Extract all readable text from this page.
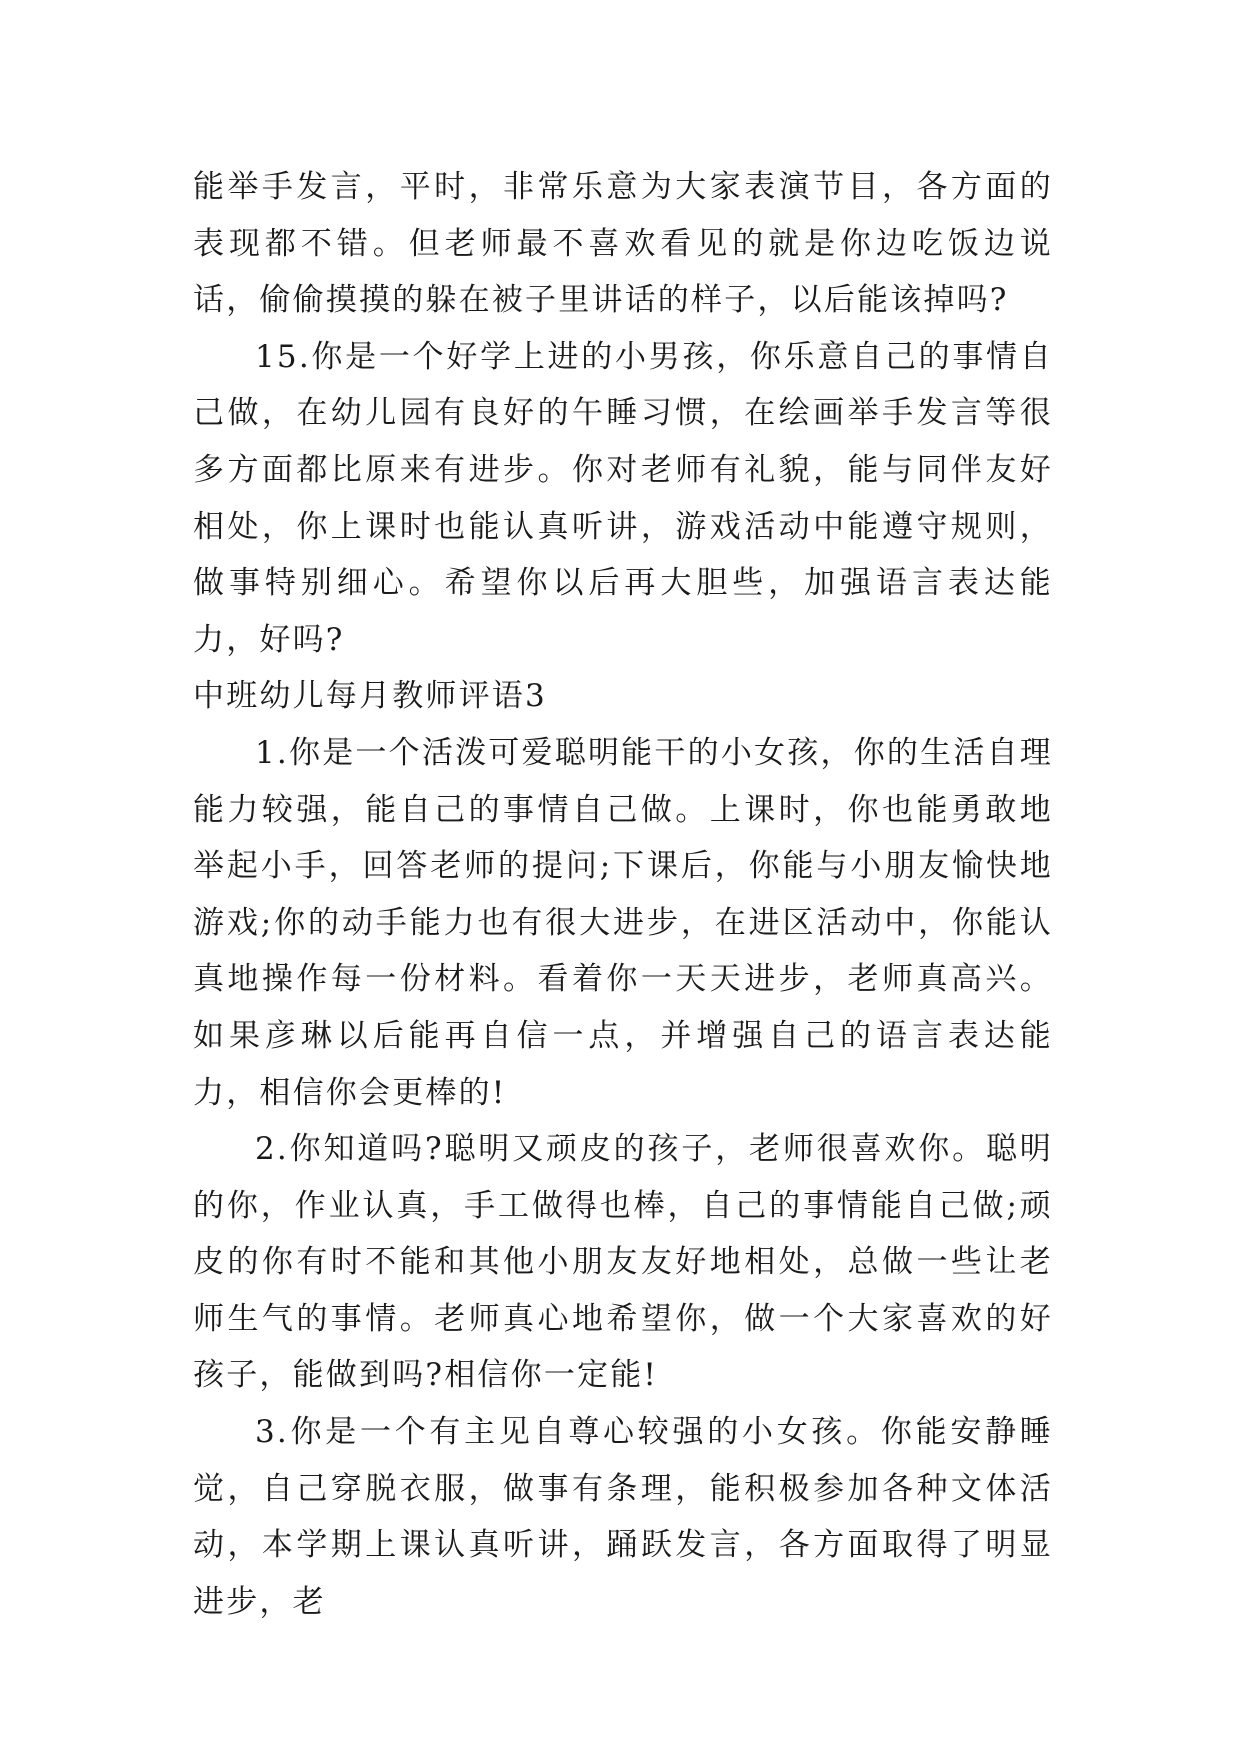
能举手发言，平时，非常乐意为大家表演节目，各方面的表现都不错。但老师最不喜欢看见的就是你边吃饭边说话，偷偷摸摸的躲在被子里讲话的样子，以后能该掉吗?

15.你是一个好学上进的小男孩，你乐意自己的事情自己做，在幼儿园有良好的午睡习惯，在绘画举手发言等很多方面都比原来有进步。你对老师有礼貌，能与同伴友好相处，你上课时也能认真听讲，游戏活动中能遵守规则，做事特别细心。希望你以后再大胆些，加强语言表达能力，好吗?

中班幼儿每月教师评语3

1.你是一个活泼可爱聪明能干的小女孩，你的生活自理能力较强，能自己的事情自己做。上课时，你也能勇敢地举起小手，回答老师的提问;下课后，你能与小朋友愉快地游戏;你的动手能力也有很大进步，在进区活动中，你能认真地操作每一份材料。看着你一天天进步，老师真高兴。如果彦琳以后能再自信一点，并增强自己的语言表达能力，相信你会更棒的!

2.你知道吗?聪明又顽皮的孩子，老师很喜欢你。聪明的你，作业认真，手工做得也棒，自己的事情能自己做;顽皮的你有时不能和其他小朋友友好地相处，总做一些让老师生气的事情。老师真心地希望你，做一个大家喜欢的好孩子，能做到吗?相信你一定能!

3.你是一个有主见自尊心较强的小女孩。你能安静睡觉，自己穿脱衣服，做事有条理，能积极参加各种文体活动，本学期上课认真听讲，踊跃发言，各方面取得了明显进步，老
